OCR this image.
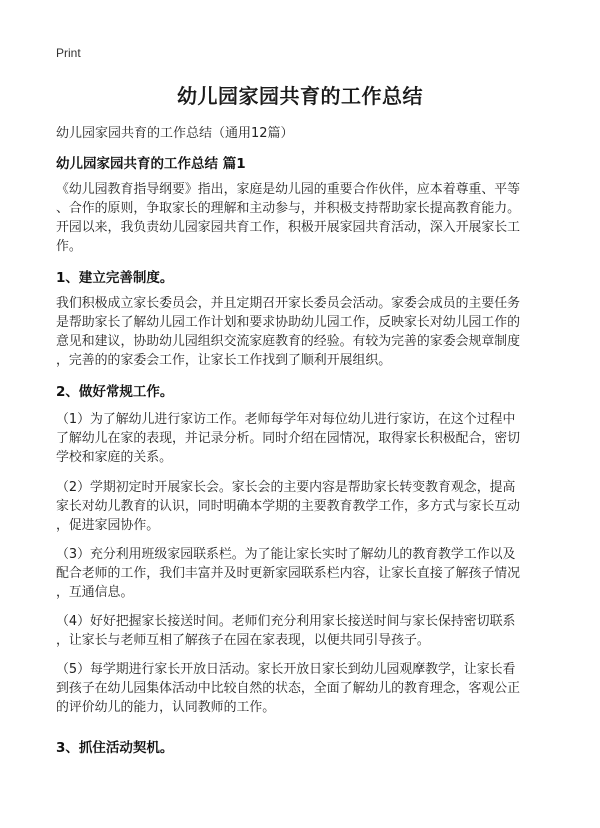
Print
幼儿园家园共育的工作总结
幼儿园家园共育的工作总结（通用12篇）
幼儿园家园共育的工作总结 篇1
《幼儿园教育指导纲要》指出，家庭是幼儿园的重要合作伙伴，应本着尊重、平等
、合作的原则，争取家长的理解和主动参与，并积极支持帮助家长提高教育能力。
开园以来，我负责幼儿园家园共育工作，积极开展家园共育活动，深入开展家长工
作。
1、建立完善制度。
我们积极成立家长委员会，并且定期召开家长委员会活动。家委会成员的主要任务
是帮助家长了解幼儿园工作计划和要求协助幼儿园工作，反映家长对幼儿园工作的
意见和建议，协助幼儿园组织交流家庭教育的经验。有较为完善的家委会规章制度
，完善的的家委会工作，让家长工作找到了顺利开展组织。
2、做好常规工作。
（1）为了解幼儿进行家访工作。老师每学年对每位幼儿进行家访，在这个过程中
了解幼儿在家的表现，并记录分析。同时介绍在园情况，取得家长积极配合，密切
学校和家庭的关系。
（2）学期初定时开展家长会。家长会的主要内容是帮助家长转变教育观念，提高
家长对幼儿教育的认识，同时明确本学期的主要教育教学工作，多方式与家长互动
，促进家园协作。
（3）充分利用班级家园联系栏。为了能让家长实时了解幼儿的教育教学工作以及
配合老师的工作，我们丰富并及时更新家园联系栏内容，让家长直接了解孩子情况
，互通信息。
（4）好好把握家长接送时间。老师们充分利用家长接送时间与家长保持密切联系
，让家长与老师互相了解孩子在园在家表现，以便共同引导孩子。
（5）每学期进行家长开放日活动。家长开放日家长到幼儿园观摩教学，让家长看
到孩子在幼儿园集体活动中比较自然的状态，全面了解幼儿的教育理念，客观公正
的评价幼儿的能力，认同教师的工作。
3、抓住活动契机。
